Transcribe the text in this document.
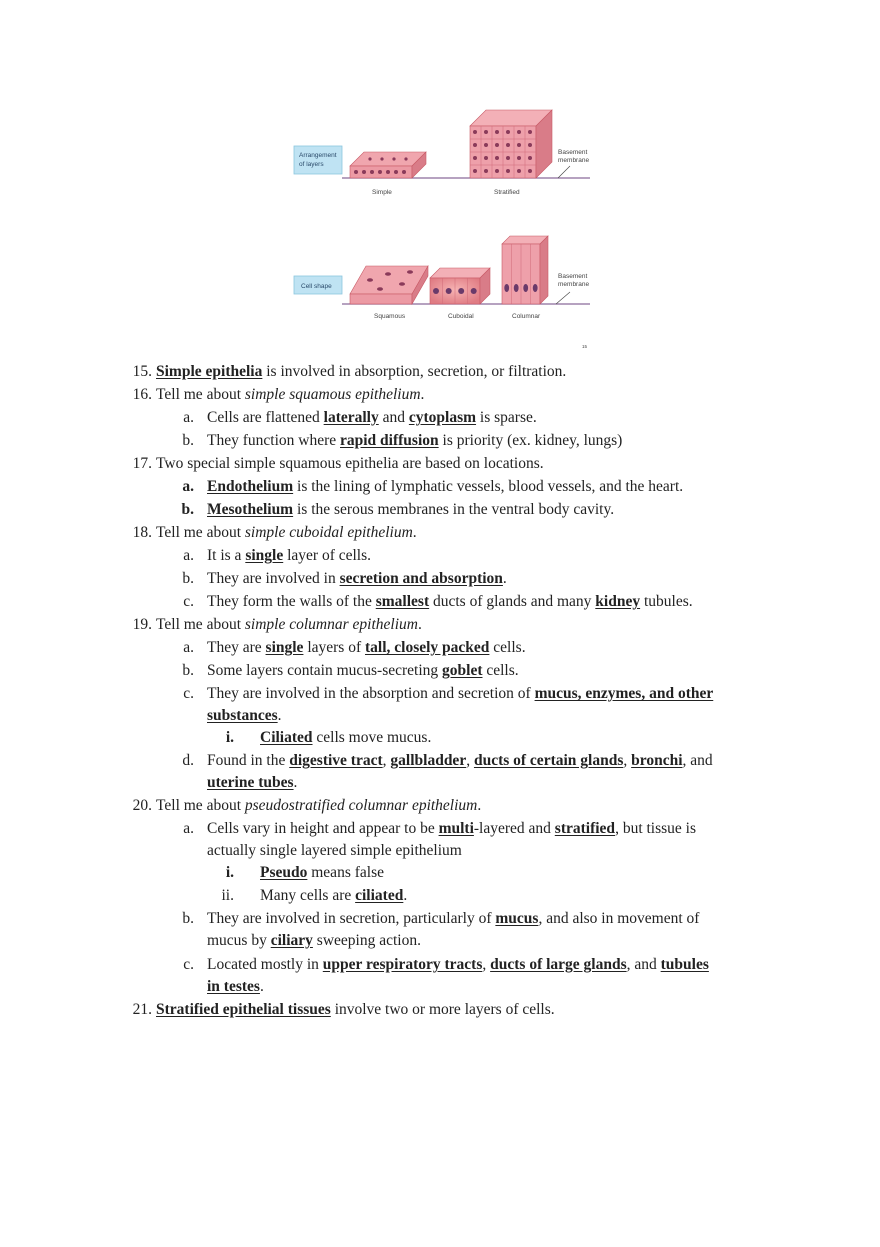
Arrangement
of layers
Simple	Stratified
Basement
membrane
Cell shape
Squamous	Cuboidal	Columnar
Basement
membrane
15
15. Simple epithelia is involved in absorption, secretion, or filtration.
16. Tell me about simple squamous epithelium.
a. Cells are flattened laterally and cytoplasm is sparse.
b. They function where rapid diffusion is priority (ex. kidney, lungs)
17. Two special simple squamous epithelia are based on locations.
a. Endothelium is the lining of lymphatic vessels, blood vessels, and the heart.
b. Mesothelium is the serous membranes in the ventral body cavity.
18. Tell me about simple cuboidal epithelium.
a. It is a single layer of cells.
b. They are involved in secretion and absorption.
c. They form the walls of the smallest ducts of glands and many kidney tubules.
19. Tell me about simple columnar epithelium.
a. They are single layers of tall, closely packed cells.
b. Some layers contain mucus-secreting goblet cells.
c. They are involved in the absorption and secretion of mucus, enzymes, and other
substances.
i. Ciliated cells move mucus.
d. Found in the digestive tract, gallbladder, ducts of certain glands, bronchi, and
uterine tubes.
20. Tell me about pseudostratified columnar epithelium.
a. Cells vary in height and appear to be multi-layered and stratified, but tissue is
actually single layered simple epithelium
i. Pseudo means false
ii. Many cells are ciliated.
b. They are involved in secretion, particularly of mucus, and also in movement of
mucus by ciliary sweeping action.
c. Located mostly in upper respiratory tracts, ducts of large glands, and tubules
in testes.
21. Stratified epithelial tissues involve two or more layers of cells.
